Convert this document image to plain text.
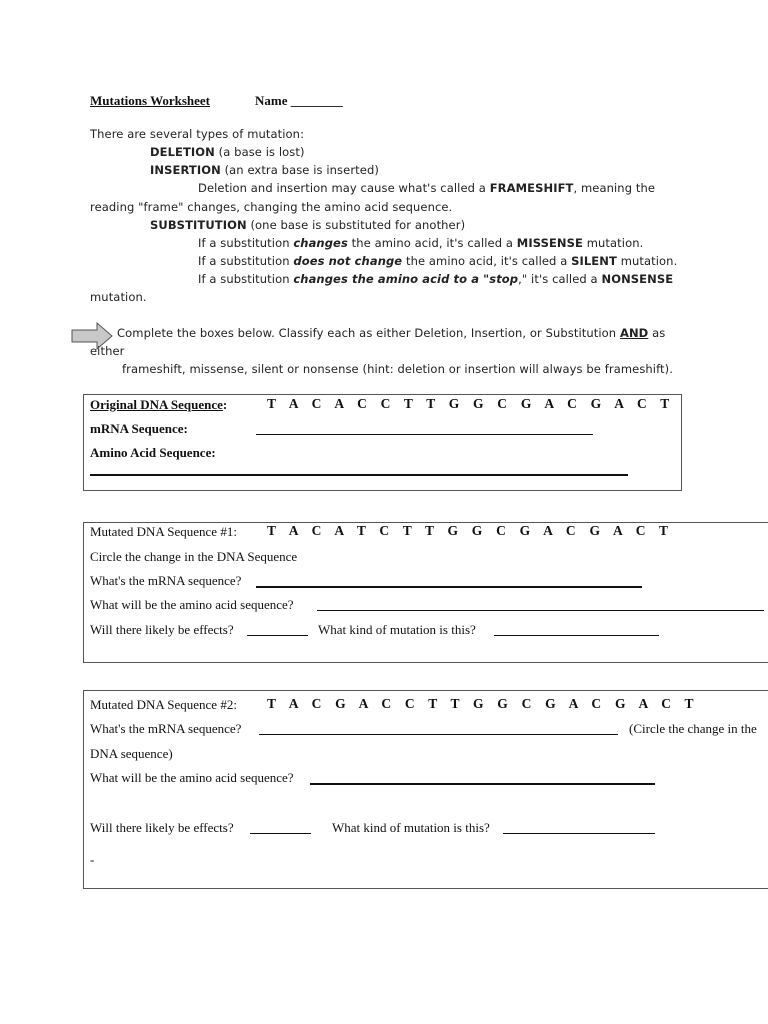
Mutations Worksheet	Name ________
There are several types of mutation:
DELETION (a base is lost)
INSERTION (an extra base is inserted)
Deletion and insertion may cause what's called a FRAMESHIFT, meaning the
reading "frame" changes, changing the amino acid sequence.
SUBSTITUTION (one base is substituted for another)
If a substitution changes the amino acid, it's called a MISSENSE mutation.
If a substitution does not change the amino acid, it's called a SILENT mutation.
If a substitution changes the amino acid to a "stop," it's called a NONSENSE
mutation.
Complete the boxes below. Classify each as either Deletion, Insertion, or Substitution AND as
either
frameshift, missense, silent or nonsense (hint: deletion or insertion will always be frameshift).
Original DNA Sequence:	T A C A C C T T G G C G A C G A C T
mRNA Sequence:
Amino Acid Sequence:
Mutated DNA Sequence #1: T A C A T C T T G G C G A C G A C T
Circle the change in the DNA Sequence
What's the mRNA sequence?
What will be the amino acid sequence?
Will there likely be effects?	What kind of mutation is this?
Mutated DNA Sequence #2: T A C G A C C T T G G C G A C G A C T
What's the mRNA sequence?	(Circle the change in the
DNA sequence)
What will be the amino acid sequence?
Will there likely be effects?	What kind of mutation is this?
-
